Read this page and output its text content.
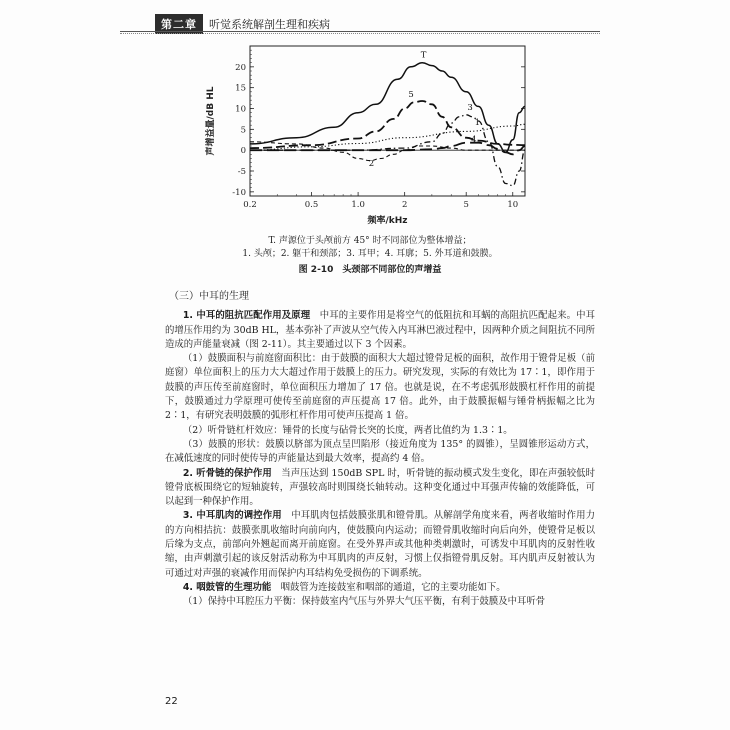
第二章	听觉系统解剖生理和疾病
20
15
10
5
0
-5
-10
0.2	0.5	1.0	2	5	10
频率/kHz
声增益量/dB HL
T
5
3
1
2
4
T. 声源位于头颅前方 45° 时不同部位为整体增益；
1. 头颅；2. 躯干和颈部；3. 耳甲；4. 耳廓；5. 外耳道和鼓膜。
图 2-10　头颈部不同部位的声增益

（三）中耳的生理

1. 中耳的阻抗匹配作用及原理　中耳的主要作用是将空气的低阻抗和耳蜗的高阻抗匹配起来。中耳的增压作用约为 30dB HL，基本弥补了声波从空气传入内耳淋巴液过程中，因两种介质之间阻抗不同所造成的声能量衰减（图 2-11）。其主要通过以下 3 个因素。

（1）鼓膜面积与前庭窗面积比：由于鼓膜的面积大大超过镫骨足板的面积，故作用于镫骨足板（前庭窗）单位面积上的压力大大超过作用于鼓膜上的压力。研究发现，实际的有效比为 17∶1，即作用于鼓膜的声压传至前庭窗时，单位面积压力增加了 17 倍。也就是说，在不考虑弧形鼓膜杠杆作用的前提下，鼓膜通过力学原理可使传至前庭窗的声压提高 17 倍。此外，由于鼓膜振幅与锤骨柄振幅之比为 2∶1，有研究表明鼓膜的弧形杠杆作用可使声压提高 1 倍。

（2）听骨链杠杆效应：锤骨的长度与砧骨长突的长度，两者比值约为 1.3∶1。

（3）鼓膜的形状：鼓膜以脐部为顶点呈凹陷形（接近角度为 135° 的圆锥），呈圆锥形运动方式，在减低速度的同时使传导的声能量达到最大效率，提高约 4 倍。

2. 听骨链的保护作用　当声压达到 150dB SPL 时，听骨链的振动模式发生变化，即在声强较低时镫骨底板围绕它的短轴旋转，声强较高时则围绕长轴转动。这种变化通过中耳强声传输的效能降低，可以起到一种保护作用。

3. 中耳肌肉的调控作用　中耳肌肉包括鼓膜张肌和镫骨肌。从解剖学角度来看，两者收缩时作用力的方向相拮抗：鼓膜张肌收缩时向前向内，使鼓膜向内运动；而镫骨肌收缩时向后向外，使镫骨足板以后缘为支点，前部向外翘起而离开前庭窗。在受外界声或其他种类刺激时，可诱发中耳肌肉的反射性收缩，由声刺激引起的该反射活动称为中耳肌肉的声反射，习惯上仅指镫骨肌反射。耳内肌声反射被认为可通过对声强的衰减作用而保护内耳结构免受损伤的下调系统。

4. 咽鼓管的生理功能　咽鼓管为连接鼓室和咽部的通道，它的主要功能如下。

（1）保持中耳腔压力平衡：保持鼓室内气压与外界大气压平衡，有利于鼓膜及中耳听骨

22
